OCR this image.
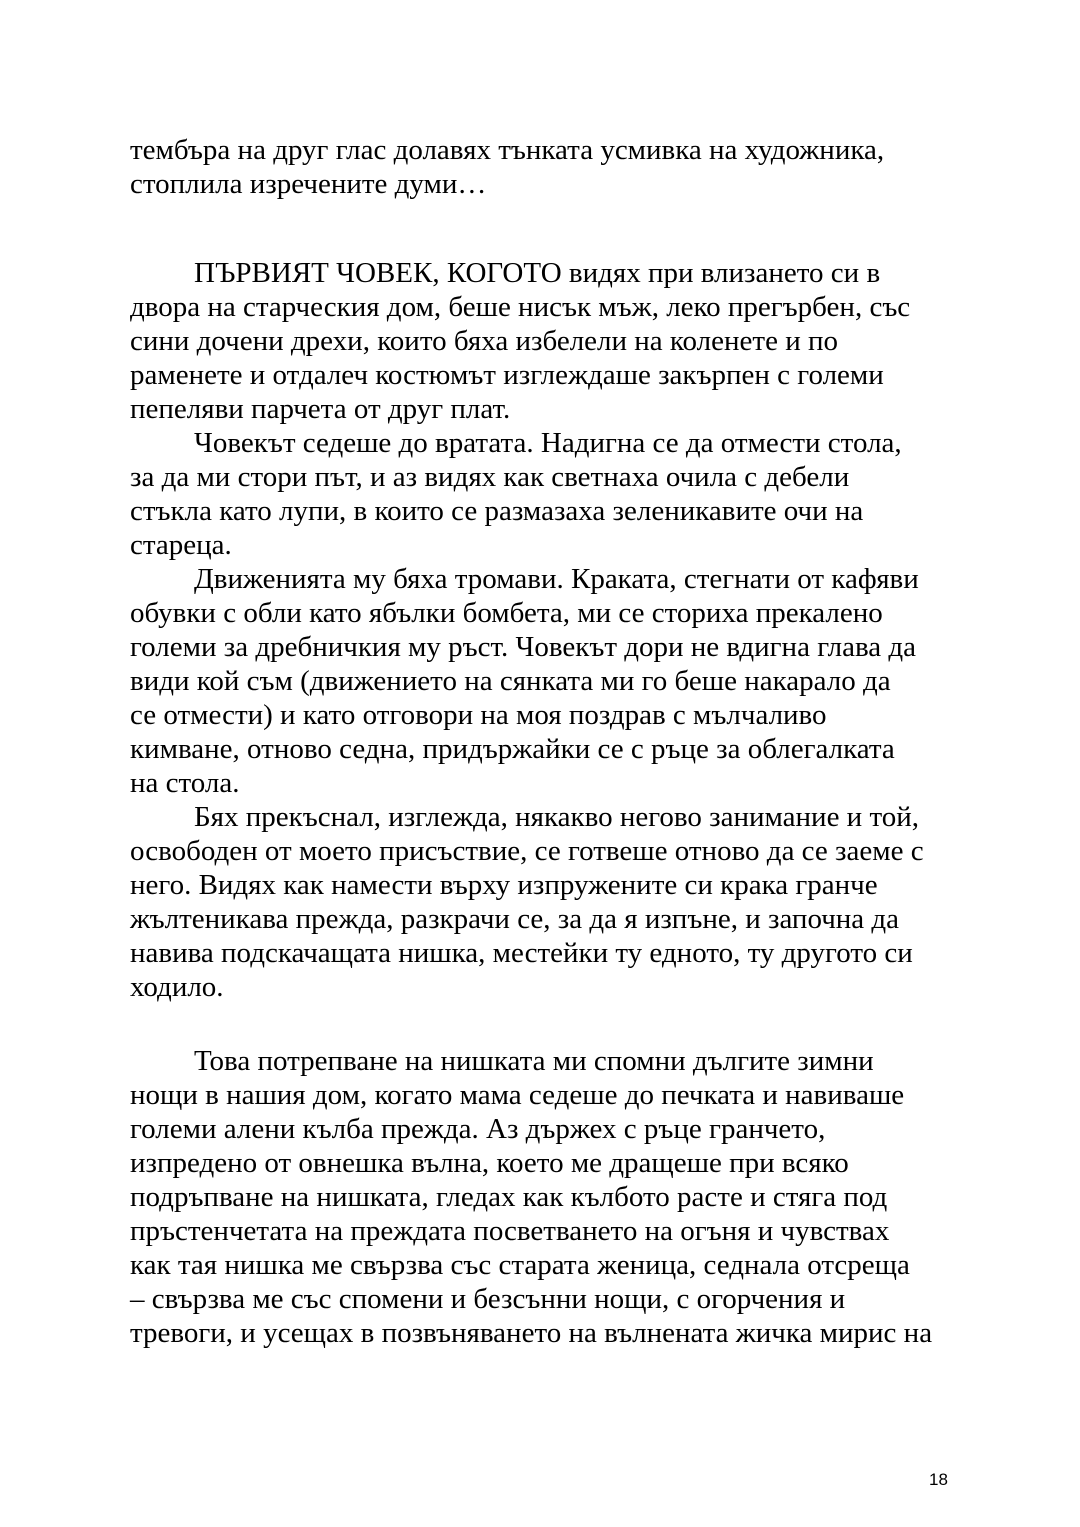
тембъра на друг глас долавях тънката усмивка на художника,
стоплила изречените думи…
ПЪРВИЯТ ЧОВЕК, КОГОТО видях при влизането си в
двора на старческия дом, беше нисък мъж, леко прегърбен, със
сини дочени дрехи, които бяха избелели на коленете и по
раменете и отдалеч костюмът изглеждаше закърпен с големи
пепеляви парчета от друг плат.
Човекът седеше до вратата. Надигна се да отмести стола,
за да ми стори път, и аз видях как светнаха очила с дебели
стъкла като лупи, в които се размазаха зеленикавите очи на
стареца.
Движенията му бяха тромави. Краката, стегнати от кафяви
обувки с обли като ябълки бомбета, ми се сториха прекалено
големи за дребничкия му ръст. Човекът дори не вдигна глава да
види кой съм (движението на сянката ми го беше накарало да
се отмести) и като отговори на моя поздрав с мълчаливо
кимване, отново седна, придържайки се с ръце за облегалката
на стола.
Бях прекъснал, изглежда, някакво негово занимание и той,
освободен от моето присъствие, се готвеше отново да се заеме с
него. Видях как намести върху изпружените си крака гранче
жълтеникава прежда, разкрачи се, за да я изпъне, и започна да
навива подскачащата нишка, местейки ту едното, ту другото си
ходило.
Това потрепване на нишката ми спомни дългите зимни
нощи в нашия дом, когато мама седеше до печката и навиваше
големи алени кълба прежда. Аз държех с ръце гранчето,
изпредено от овнешка вълна, което ме дращеше при всяко
подръпване на нишката, гледах как кълбото расте и стяга под
пръстенчетата на преждата посветването на огъня и чувствах
как тая нишка ме свързва със старата женица, седнала отсреща
– свързва ме със спомени и безсънни нощи, с огорчения и
тревоги, и усещах в позвъняването на вълнената жичка мирис на
18
